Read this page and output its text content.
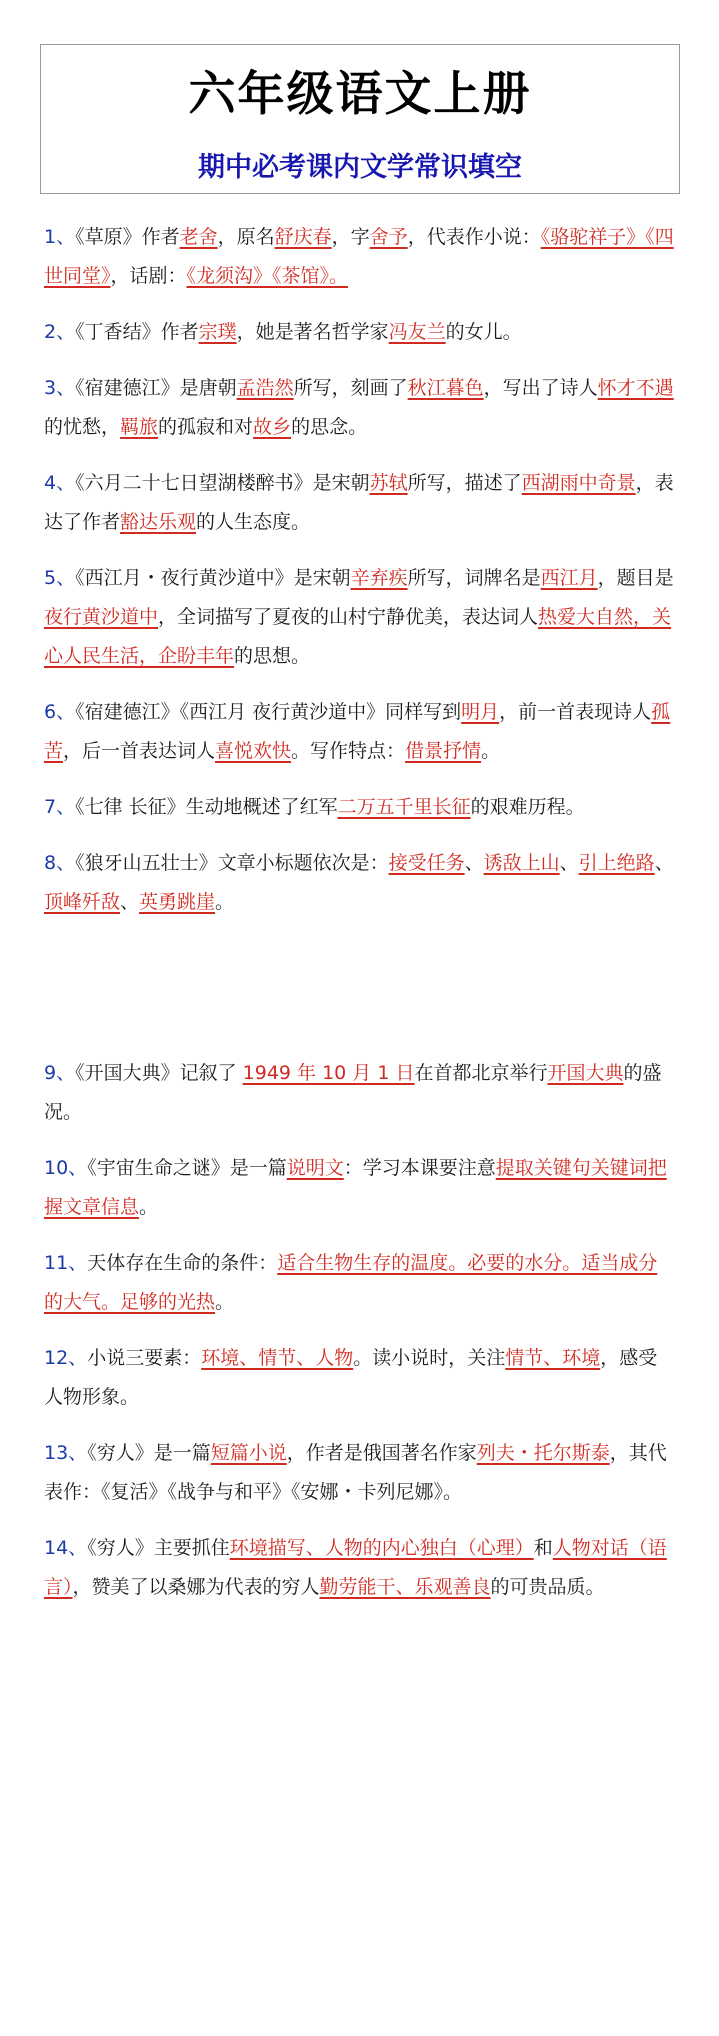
六年级语文上册
期中必考课内文学常识填空

1、《草原》作者老舍，原名舒庆春，字舍予，代表作小说：《骆驼祥子》《四世同堂》，话剧：《龙须沟》《茶馆》。

2、《丁香结》作者宗璞，她是著名哲学家冯友兰的女儿。

3、《宿建德江》是唐朝孟浩然所写，刻画了秋江暮色，写出了诗人怀才不遇的忧愁，羁旅的孤寂和对故乡的思念。

4、《六月二十七日望湖楼醉书》是宋朝苏轼所写，描述了西湖雨中奇景，表达了作者豁达乐观的人生态度。

5、《西江月・夜行黄沙道中》是宋朝辛弃疾所写，词牌名是西江月，题目是夜行黄沙道中，全词描写了夏夜的山村宁静优美，表达词人热爱大自然，关心人民生活，企盼丰年的思想。

6、《宿建德江》《西江月 夜行黄沙道中》同样写到明月，前一首表现诗人孤苦，后一首表达词人喜悦欢快。写作特点：借景抒情。

7、《七律 长征》生动地概述了红军二万五千里长征的艰难历程。

8、《狼牙山五壮士》文章小标题依次是：接受任务、诱敌上山、引上绝路、顶峰歼敌、英勇跳崖。

9、《开国大典》记叙了 1949 年 10 月 1 日在首都北京举行开国大典的盛况。

10、《宇宙生命之谜》是一篇说明文：学习本课要注意提取关键句关键词把握文章信息。

11、天体存在生命的条件：适合生物生存的温度。必要的水分。适当成分的大气。足够的光热。

12、小说三要素：环境、情节、人物。读小说时，关注情节、环境，感受人物形象。

13、《穷人》是一篇短篇小说，作者是俄国著名作家列夫・托尔斯泰，其代表作：《复活》《战争与和平》《安娜・卡列尼娜》。

14、《穷人》主要抓住环境描写、人物的内心独白（心理）和人物对话（语言），赞美了以桑娜为代表的穷人勤劳能干、乐观善良的可贵品质。
